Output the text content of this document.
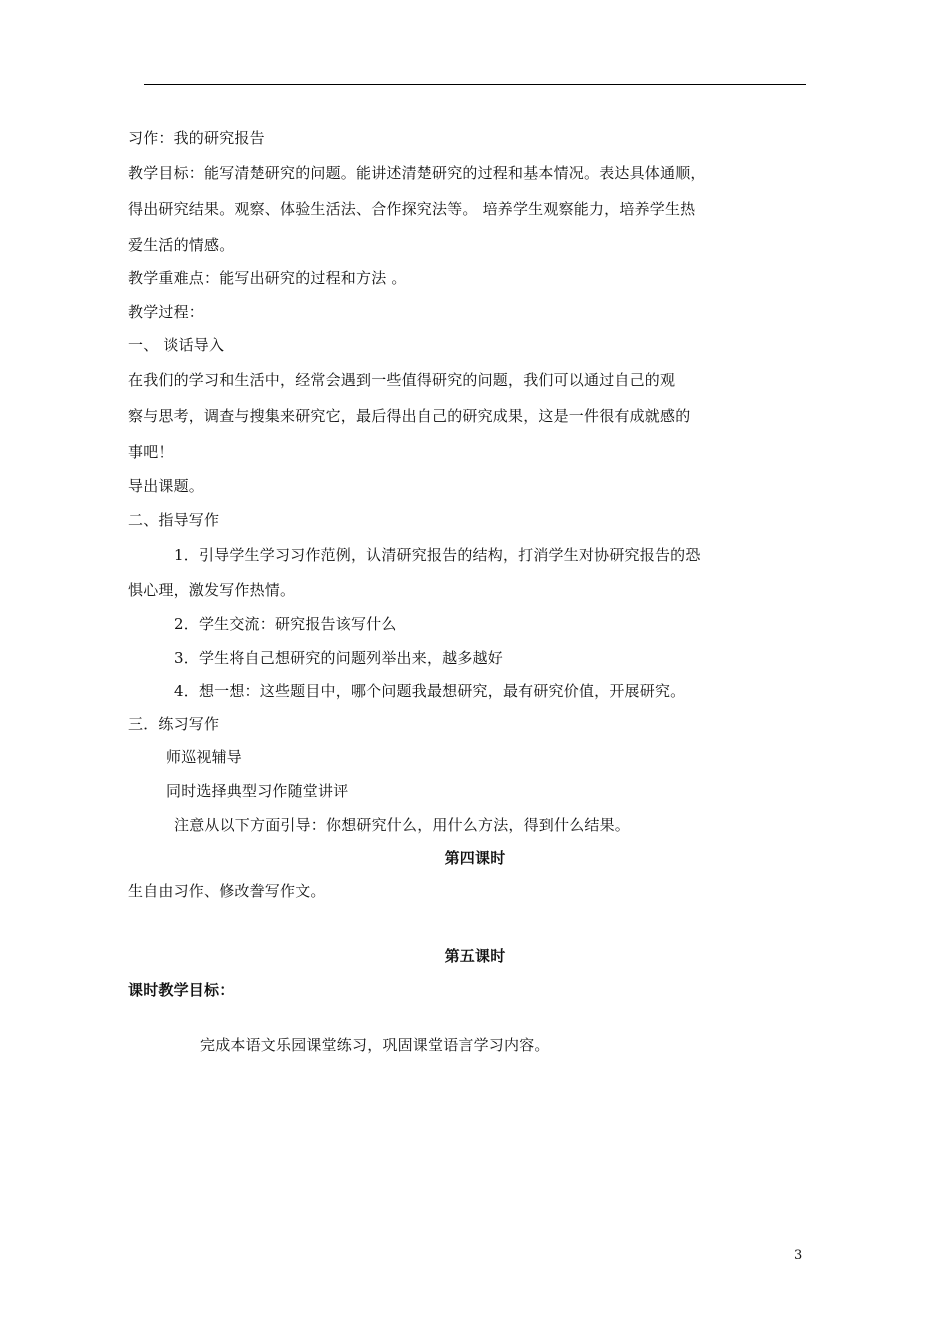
习作：我的研究报告
教学目标：能写清楚研究的问题。能讲述清楚研究的过程和基本情况。表达具体通顺，
得出研究结果。观察、体验生活法、合作探究法等。 培养学生观察能力，培养学生热
爱生活的情感。
教学重难点：能写出研究的过程和方法 。
教学过程：
一、 谈话导入
在我们的学习和生活中，经常会遇到一些值得研究的问题，我们可以通过自己的观
察与思考，调查与搜集来研究它，最后得出自己的研究成果，这是一件很有成就感的
事吧！
导出课题。
二、指导写作
1．引导学生学习习作范例，认清研究报告的结构，打消学生对协研究报告的恐
惧心理，激发写作热情。
2．学生交流：研究报告该写什么
3．学生将自己想研究的问题列举出来，越多越好
4．想一想：这些题目中，哪个问题我最想研究，最有研究价值，开展研究。
三．练习写作
师巡视辅导
同时选择典型习作随堂讲评
注意从以下方面引导：你想研究什么，用什么方法，得到什么结果。
第四课时
生自由习作、修改誊写作文。
第五课时
课时教学目标：
完成本语文乐园课堂练习，巩固课堂语言学习内容。
3
